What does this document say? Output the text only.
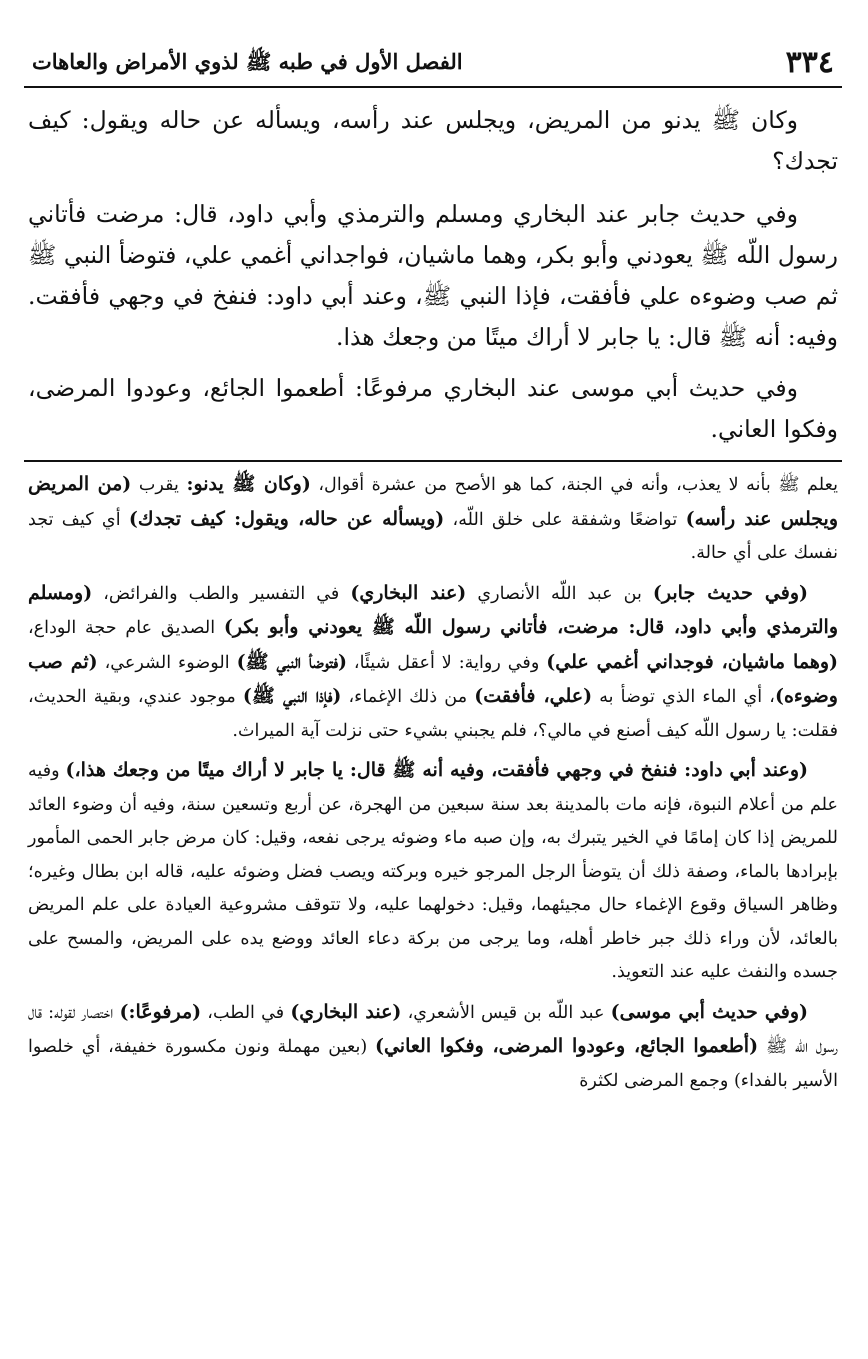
٣٣٤
الفصل الأول في طبه ﷺ لذوي الأمراض والعاهات

وكان ﷺ يدنو من المريض، ويجلس عند رأسه، ويسأله عن حاله ويقول: كيف تجدك؟

وفي حديث جابر عند البخاري ومسلم والترمذي وأبي داود، قال: مرضت فأتاني رسول اللّه ﷺ يعودني وأبو بكر، وهما ماشيان، فواجداني أغمي علي، فتوضأ النبي ﷺ ثم صب وضوءه علي فأفقت، فإذا النبي ﷺ، وعند أبي داود: فنفخ في وجهي فأفقت. وفيه: أنه ﷺ قال: يا جابر لا أراك ميتًا من وجعك هذا.

وفي حديث أبي موسى عند البخاري مرفوعًا: أطعموا الجائع، وعودوا المرضى، وفكوا العاني.

يعلم ﷺ بأنه لا يعذب، وأنه في الجنة، كما هو الأصح من عشرة أقوال، (وكان ﷺ يدنو: يقرب (من المريض ويجلس عند رأسه) تواضعًا وشفقة على خلق اللّه، (ويسأله عن حاله، ويقول: كيف تجدك) أي كيف تجد نفسك على أي حالة.

(وفي حديث جابر) بن عبد اللّه الأنصاري (عند البخاري) في التفسير والطب والفرائض، (ومسلم والترمذي وأبي داود، قال: مرضت، فأتاني رسول اللّه ﷺ يعودني وأبو بكر) الصديق عام حجة الوداع، (وهما ماشيان، فوجداني أغمي علي) وفي رواية: لا أعقل شيئًا، (فتوضأ النبي ﷺ) الوضوء الشرعي، (ثم صب وضوءه)، أي الماء الذي توضأ به (علي، فأفقت) من ذلك الإغماء، (فإذا النبي ﷺ) موجود عندي، وبقية الحديث، فقلت: يا رسول اللّه كيف أصنع في مالي؟، فلم يجبني بشيء حتى نزلت آية الميراث.

(وعند أبي داود: فنفخ في وجهي فأفقت، وفيه أنه ﷺ قال: يا جابر لا أراك ميتًا من وجعك هذا،) وفيه علم من أعلام النبوة، فإنه مات بالمدينة بعد سنة سبعين من الهجرة، عن أربع وتسعين سنة، وفيه أن وضوء العائد للمريض إذا كان إمامًا في الخير يتبرك به، وإن صبه ماء وضوئه يرجى نفعه، وقيل: كان مرض جابر الحمى المأمور بإبرادها بالماء، وصفة ذلك أن يتوضأ الرجل المرجو خيره وبركته ويصب فضل وضوئه عليه، قاله ابن بطال وغيره؛ وظاهر السياق وقوع الإغماء حال مجيئهما، وقيل: دخولهما عليه، ولا تتوقف مشروعية العيادة على علم المريض بالعائد، لأن وراء ذلك جبر خاطر أهله، وما يرجى من بركة دعاء العائد ووضع يده على المريض، والمسح على جسده والنفث عليه عند التعويذ.

(وفي حديث أبي موسى) عبد اللّه بن قيس الأشعري، (عند البخاري) في الطب، (مرفوعًا:) اختصار لقوله: قال رسول اللّه ﷺ (أطعموا الجائع، وعودوا المرضى، وفكوا العاني) (بعين مهملة ونون مكسورة خفيفة، أي خلصوا الأسير بالفداء) وجمع المرضى لكثرة
